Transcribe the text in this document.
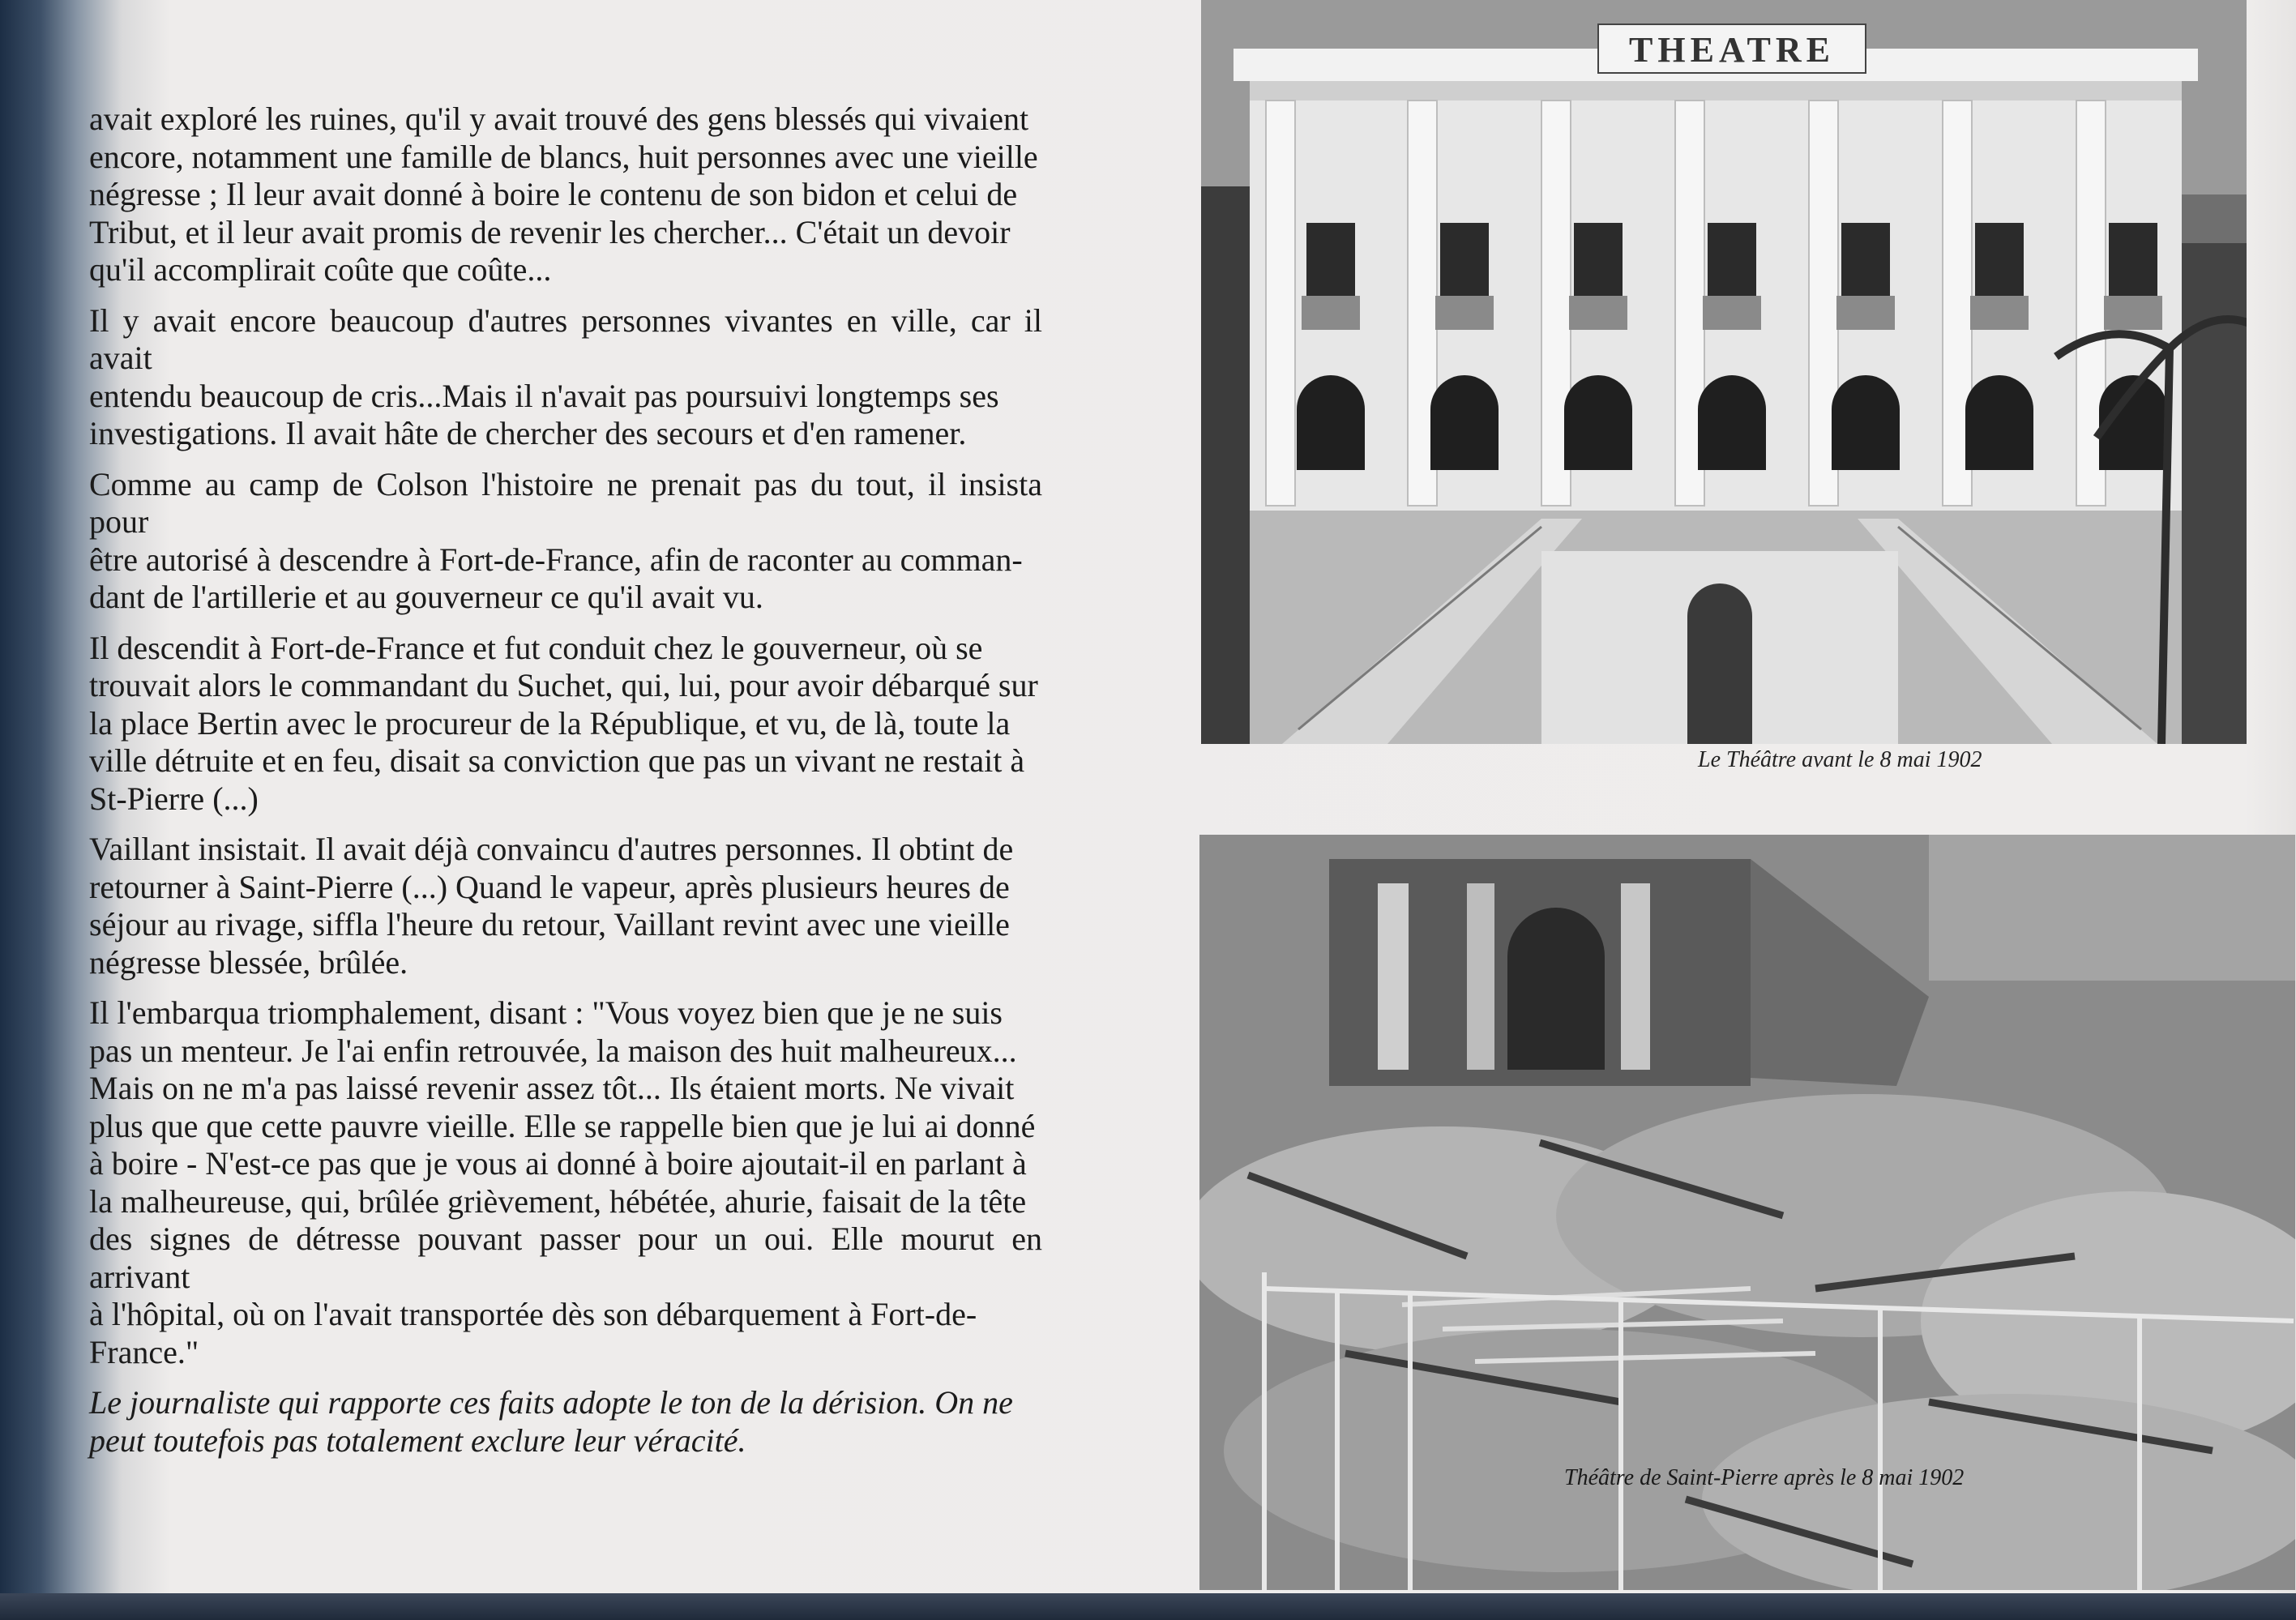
avait exploré les ruines, qu'il y avait trouvé des gens blessés qui vivaient
encore, notamment une famille de blancs, huit personnes avec une vieille
négresse ; Il leur avait donné à boire le contenu de son bidon et celui de
Tribut, et il leur avait promis de revenir les chercher... C'était un devoir
qu'il accomplirait coûte que coûte...

Il y avait encore beaucoup d'autres personnes vivantes en ville, car il avait
entendu beaucoup de cris...Mais il n'avait pas poursuivi longtemps ses
investigations. Il avait hâte de chercher des secours et d'en ramener.

Comme au camp de Colson l'histoire ne prenait pas du tout, il insista pour
être autorisé à descendre à Fort-de-France, afin de raconter au comman-
dant de l'artillerie et au gouverneur ce qu'il avait vu.

Il descendit à Fort-de-France et fut conduit chez le gouverneur, où se
trouvait alors le commandant du Suchet, qui, lui, pour avoir débarqué sur
la place Bertin avec le procureur de la République, et vu, de là, toute la
ville détruite et en feu, disait sa conviction que pas un vivant ne restait à
St-Pierre (...)

Vaillant insistait. Il avait déjà convaincu d'autres personnes. Il obtint de
retourner à Saint-Pierre (...) Quand le vapeur, après plusieurs heures de
séjour au rivage, siffla l'heure du retour, Vaillant revint avec une vieille
négresse blessée, brûlée.

Il l'embarqua triomphalement, disant : "Vous voyez bien que je ne suis
pas un menteur. Je l'ai enfin retrouvée, la maison des huit malheureux...
Mais on ne m'a pas laissé revenir assez tôt... Ils étaient morts. Ne vivait
plus que que cette pauvre vieille. Elle se rappelle bien que je lui ai donné
à boire - N'est-ce pas que je vous ai donné à boire ajoutait-il en parlant à
la malheureuse, qui, brûlée grièvement, hébétée, ahurie, faisait de la tête
des signes de détresse pouvant passer pour un oui. Elle mourut en arrivant
à l'hôpital, où on l'avait transportée dès son débarquement à Fort-de-
France."

Le journaliste qui rapporte ces faits adopte le ton de la dérision. On ne
peut toutefois pas totalement exclure leur véracité.

THEATRE
Le Théâtre avant le 8 mai 1902
Théâtre de Saint-Pierre après le 8 mai 1902
